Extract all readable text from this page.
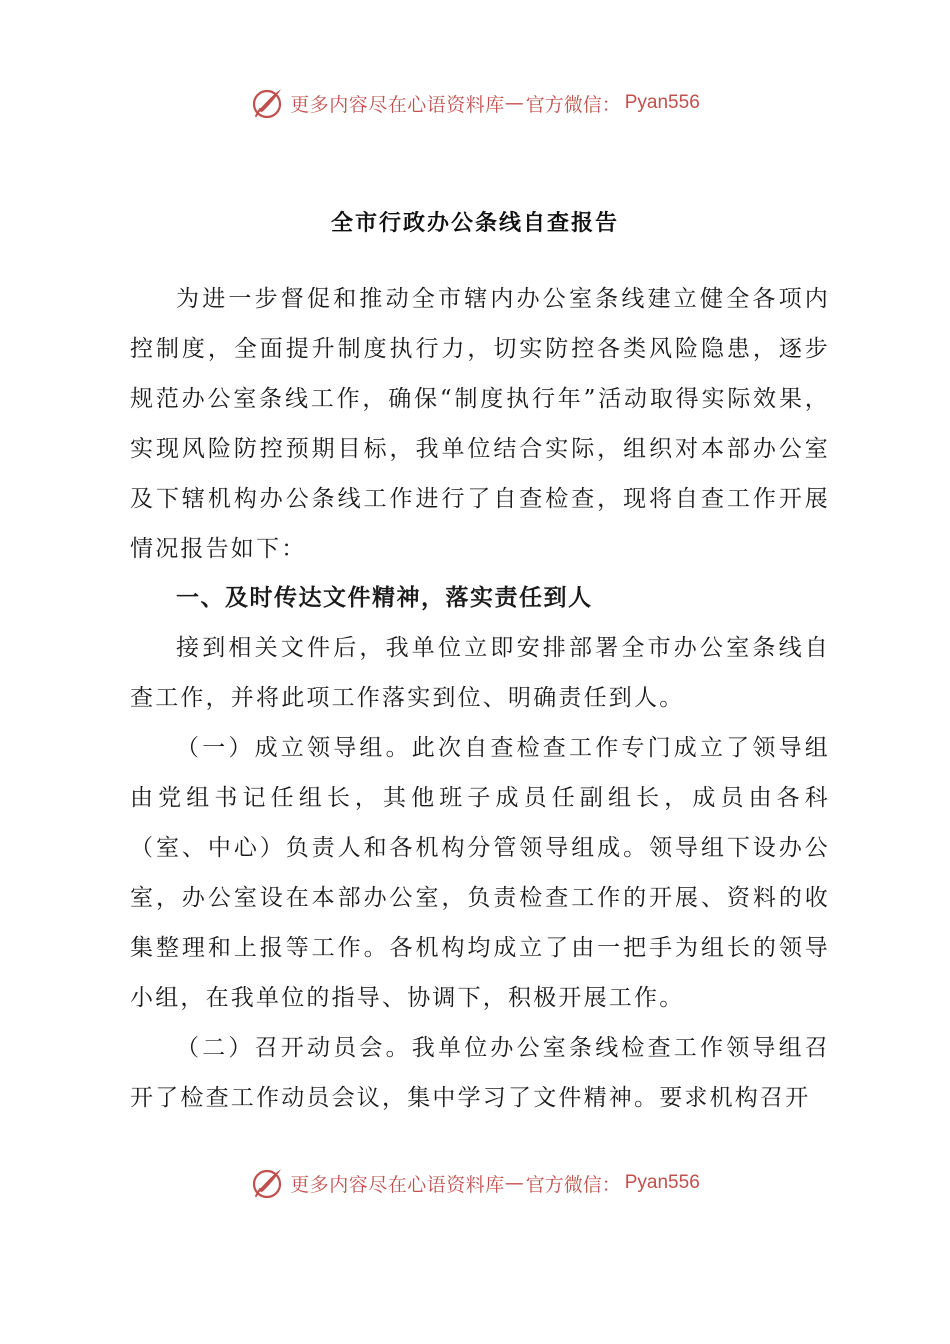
更多内容尽在心语资料库 — 官方微信： Pyan556
全市行政办公条线自查报告

为进一步督促和推动全市辖内办公室条线建立健全各项内控制度，全面提升制度执行力，切实防控各类风险隐患，逐步规范办公室条线工作，确保“制度执行年”活动取得实际效果，实现风险防控预期目标，我单位结合实际，组织对本部办公室及下辖机构办公条线工作进行了自查检查，现将自查工作开展情况报告如下：

一、及时传达文件精神，落实责任到人

接到相关文件后，我单位立即安排部署全市办公室条线自查工作，并将此项工作落实到位、明确责任到人。

（一）成立领导组。此次自查检查工作专门成立了领导组由党组书记任组长，其他班子成员任副组长，成员由各科（室、中心）负责人和各机构分管领导组成。领导组下设办公室，办公室设在本部办公室，负责检查工作的开展、资料的收集整理和上报等工作。各机构均成立了由一把手为组长的领导小组，在我单位的指导、协调下，积极开展工作。

（二）召开动员会。我单位办公室条线检查工作领导组召开了检查工作动员会议，集中学习了文件精神。要求机构召开

更多内容尽在心语资料库 — 官方微信： Pyan556
